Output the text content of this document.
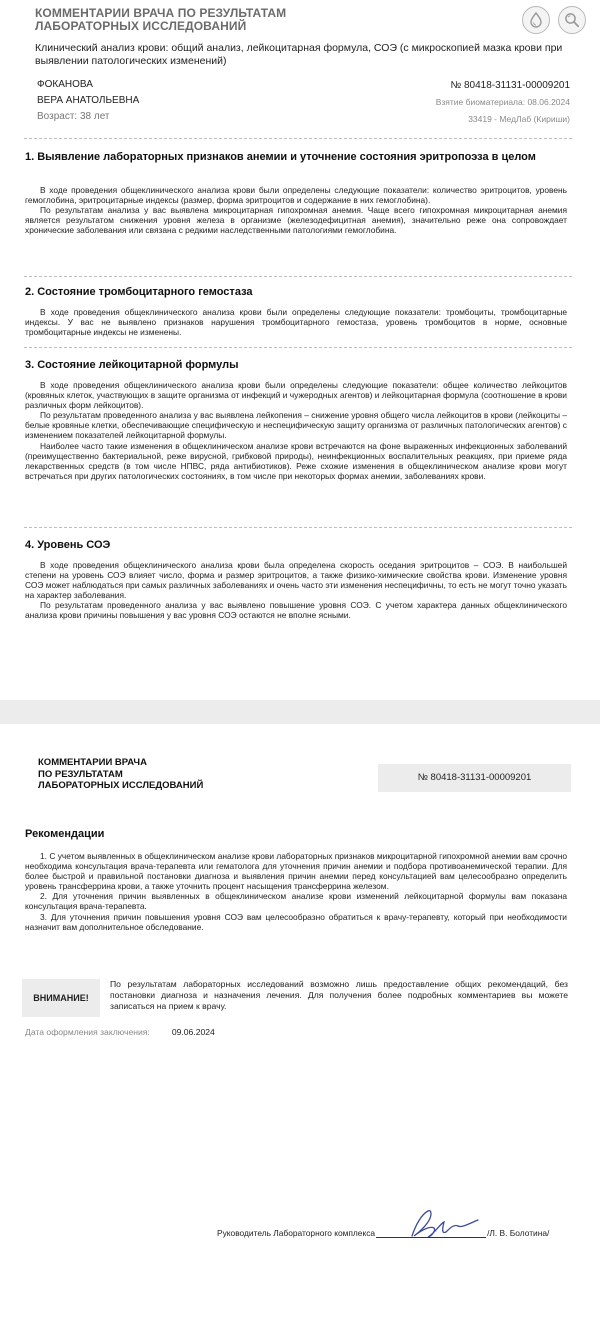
КОММЕНТАРИИ ВРАЧА ПО РЕЗУЛЬТАТАМ ЛАБОРАТОРНЫХ ИССЛЕДОВАНИЙ
Клинический анализ крови: общий анализ, лейкоцитарная формула, СОЭ (с микроскопией мазка крови при выявлении патологических изменений)
ФОКАНОВА
ВЕРА АНАТОЛЬЕВНА
Возраст: 38 лет
№ 80418-31131-00009201
Взятие биоматериала: 08.06.2024
33419 - МедЛаб (Кириши)
1. Выявление лабораторных признаков анемии и уточнение состояния эритропоэза в целом

В ходе проведения общеклинического анализа крови были определены следующие показатели: количество эритроцитов, уровень гемоглобина, эритроцитарные индексы (размер, форма эритроцитов и содержание в них гемоглобина).

По результатам анализа у вас выявлена микроцитарная гипохромная анемия. Чаще всего гипохромная микроцитарная анемия является результатом снижения уровня железа в организме (железодефицитная анемия), значительно реже она сопровождает хронические заболевания или связана с редкими наследственными патологиями гемоглобина.

2. Состояние тромбоцитарного гемостаза

В ходе проведения общеклинического анализа крови были определены следующие показатели: тромбоциты, тромбоцитарные индексы. У вас не выявлено признаков нарушения тромбоцитарного гемостаза, уровень тромбоцитов в норме, основные тромбоцитарные индексы не изменены.

3. Состояние лейкоцитарной формулы

В ходе проведения общеклинического анализа крови были определены следующие показатели: общее количество лейкоцитов (кровяных клеток, участвующих в защите организма от инфекций и чужеродных агентов) и лейкоцитарная формула (соотношение в крови различных форм лейкоцитов).

По результатам проведенного анализа у вас выявлена лейкопения – снижение уровня общего числа лейкоцитов в крови (лейкоциты – белые кровяные клетки, обеспечивающие специфическую и неспецифическую защиту организма от различных патологических агентов) с изменением показателей лейкоцитарной формулы.

Наиболее часто такие изменения в общеклиническом анализе крови встречаются на фоне выраженных инфекционных заболеваний (преимущественно бактериальной, реже вирусной, грибковой природы), неинфекционных воспалительных реакциях, при приеме ряда лекарственных средств (в том числе НПВС, ряда антибиотиков). Реже схожие изменения в общеклиническом анализе крови могут встречаться при других патологических состояниях, в том числе при некоторых формах анемии, заболеваниях крови.

4. Уровень СОЭ

В ходе проведения общеклинического анализа крови была определена скорость оседания эритроцитов – СОЭ. В наибольшей степени на уровень СОЭ влияет число, форма и размер эритроцитов, а также физико-химические свойства крови. Изменение уровня СОЭ может наблюдаться при самых различных заболеваниях и очень часто эти изменения неспецифичны, то есть не могут точно указать на характер заболевания.

По результатам проведенного анализа у вас выявлено повышение уровня СОЭ. С учетом характера данных общеклинического анализа крови причины повышения у вас уровня СОЭ остаются не вполне ясными.

КОММЕНТАРИИ ВРАЧА
ПО РЕЗУЛЬТАТАМ
ЛАБОРАТОРНЫХ ИССЛЕДОВАНИЙ
№ 80418-31131-00009201
Рекомендации

1. С учетом выявленных в общеклиническом анализе крови лабораторных признаков микроцитарной гипохромной анемии вам срочно необходима консультация врача-терапевта или гематолога для уточнения причин анемии и подбора противоанемической терапии. Для более быстрой и правильной постановки диагноза и выявления причин анемии перед консультацией вам целесообразно определить уровень трансферрина крови, а также уточнить процент насыщения трансферрина железом.

2. Для уточнения причин выявленных в общеклиническом анализе крови изменений лейкоцитарной формулы вам показана консультация врача-терапевта.

3. Для уточнения причин повышения уровня СОЭ вам целесообразно обратиться к врачу-терапевту, который при необходимости назначит вам дополнительное обследование.

ВНИМАНИЕ!
По результатам лабораторных исследований возможно лишь предоставление общих рекомендаций, без постановки диагноза и назначения лечения. Для получения более подробных комментариев вы можете записаться на прием к врачу.
Дата оформления заключения:	09.06.2024
Руководитель Лабораторного комплекса	/Л. В. Болотина/
